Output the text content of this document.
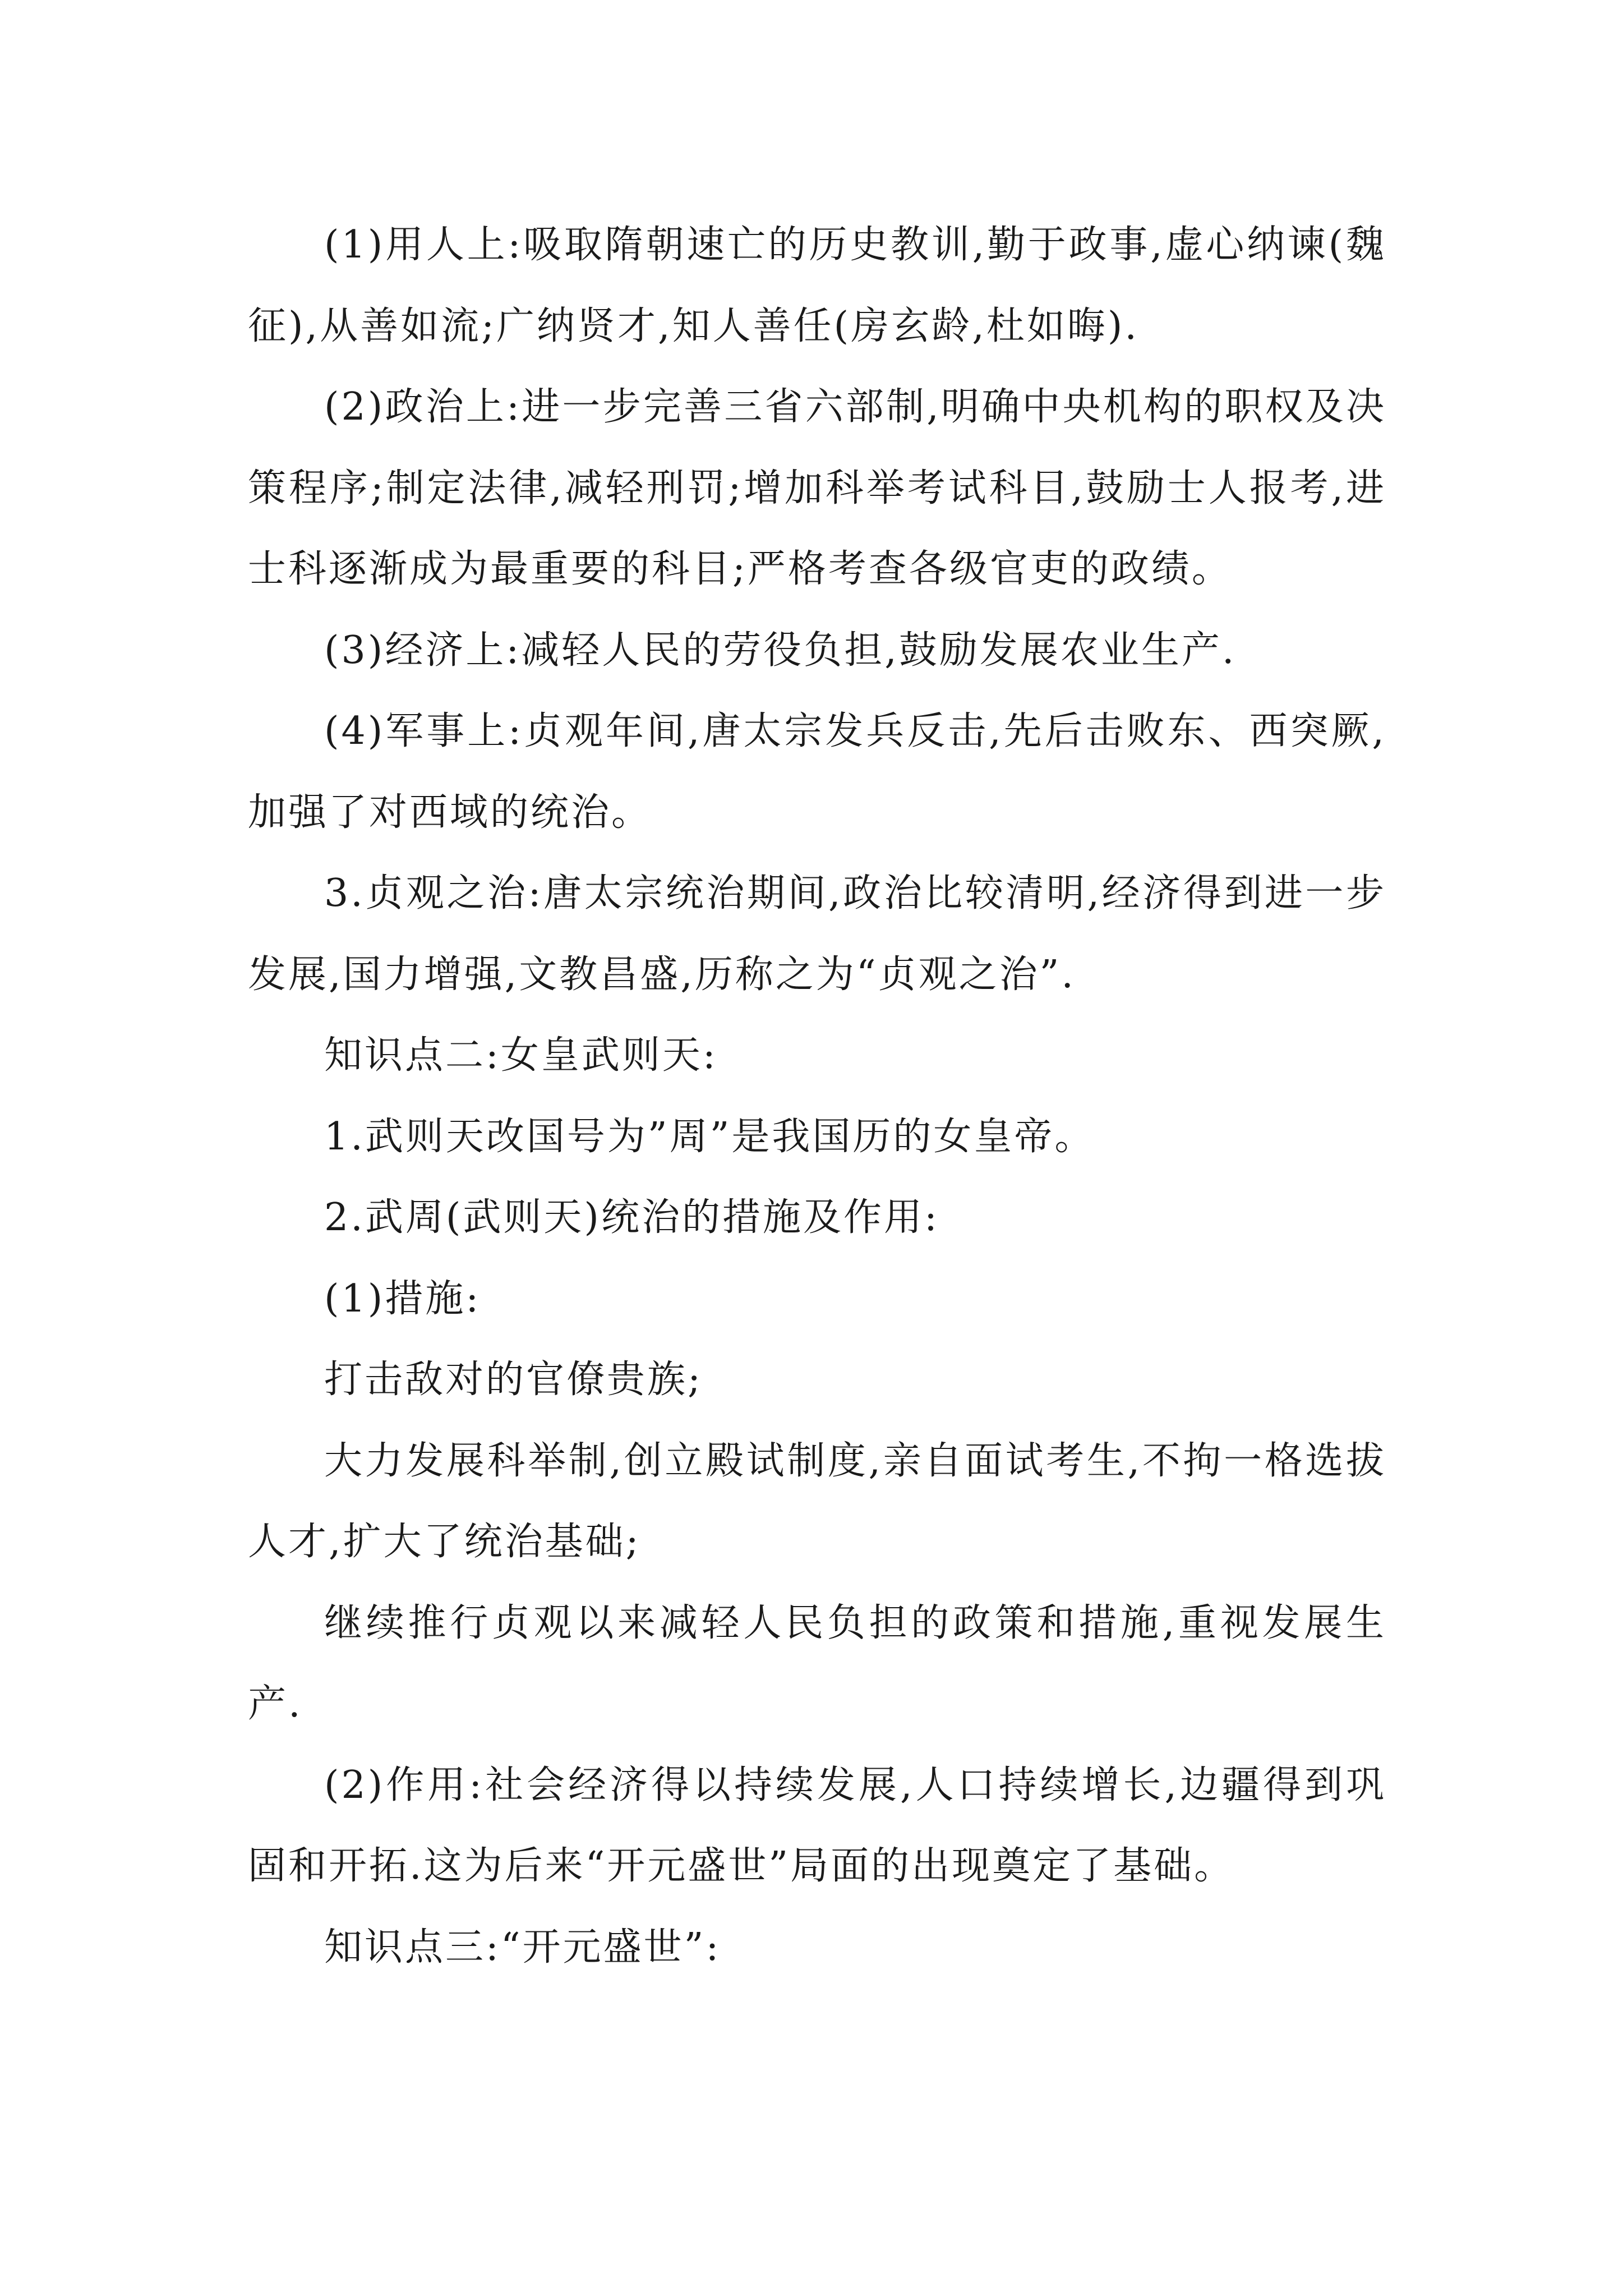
(1)用人上:吸取隋朝速亡的历史教训,勤于政事,虚心纳谏(魏征),从善如流;广纳贤才,知人善任(房玄龄,杜如晦).

(2)政治上:进一步完善三省六部制,明确中央机构的职权及决策程序;制定法律,减轻刑罚;增加科举考试科目,鼓励士人报考,进士科逐渐成为最重要的科目;严格考查各级官吏的政绩。

(3)经济上:减轻人民的劳役负担,鼓励发展农业生产.

(4)军事上:贞观年间,唐太宗发兵反击,先后击败东、西突厥,加强了对西域的统治。

3.贞观之治:唐太宗统治期间,政治比较清明,经济得到进一步发展,国力增强,文教昌盛,历称之为“贞观之治”.

知识点二:女皇武则天:

1.武则天改国号为”周”是我国历的女皇帝。

2.武周(武则天)统治的措施及作用:

(1)措施:

打击敌对的官僚贵族;

大力发展科举制,创立殿试制度,亲自面试考生,不拘一格选拔人才,扩大了统治基础;

继续推行贞观以来减轻人民负担的政策和措施,重视发展生产.

(2)作用:社会经济得以持续发展,人口持续增长,边疆得到巩固和开拓.这为后来“开元盛世”局面的出现奠定了基础。

知识点三:“开元盛世”:
